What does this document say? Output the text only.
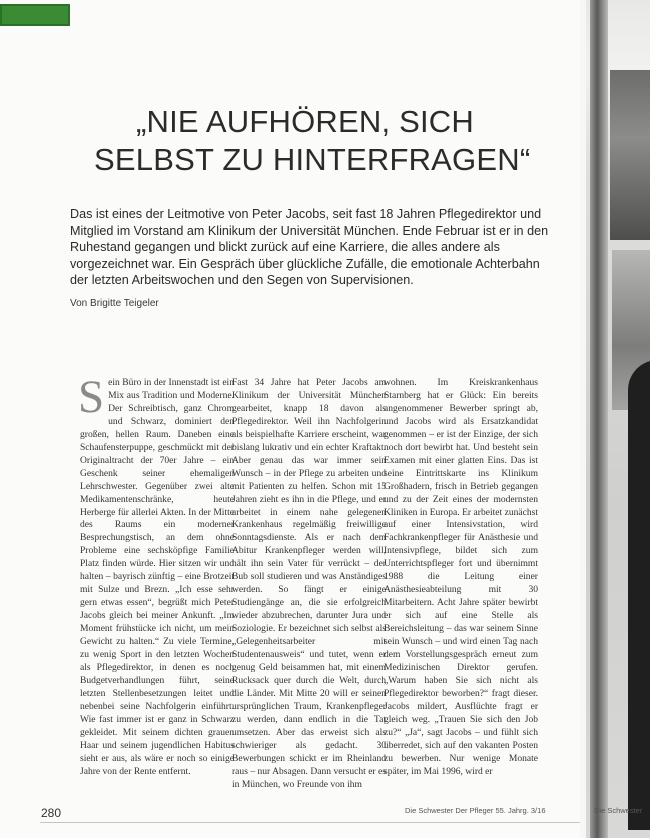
„NIE AUFHÖREN, SICH
SELBST ZU HINTERFRAGEN“

Das ist eines der Leitmotive von Peter Jacobs, seit fast 18 Jahren Pflegedirektor und Mitglied im Vorstand am Klinikum der Universität München. Ende Februar ist er in den Ruhestand gegangen und blickt zurück auf eine Karriere, die alles andere als vorgezeichnet war. Ein Gespräch über glückliche Zufälle, die emotionale Achterbahn der letzten Arbeitswochen und den Segen von Supervisionen.

Von Brigitte Teigeler

Sein Büro in der Innenstadt ist ein Mix aus Tradition und Moderne. Der Schreibtisch, ganz Chrom und Schwarz, dominiert den großen, hellen Raum. Daneben eine Schaufensterpuppe, geschmückt mit der Originaltracht der 70er Jahre – ein Geschenk seiner ehemaligen Lehrschwester. Gegenüber zwei alte Medikamentenschränke, heute Herberge für allerlei Akten. In der Mitte des Raums ein moderner Besprechungstisch, an dem ohne Probleme eine sechsköpfige Familie Platz finden würde. Hier sitzen wir und halten – bayrisch zünftig – eine Brotzeit mit Sulze und Brezn. „Ich esse sehr gern etwas essen“, begrüßt mich Peter Jacobs gleich bei meiner Ankunft. „Im Moment frühstücke ich nicht, um mein Gewicht zu halten.“ Zu viele Termine, zu wenig Sport in den letzten Wochen als Pflegedirektor, in denen es noch Budgetverhandlungen führt, seine letzten Stellenbesetzungen leitet und nebenbei seine Nachfolgerin einführt. Wie fast immer ist er ganz in Schwarz gekleidet. Mit seinem dichten grauen Haar und seinem jugendlichen Habitus sieht er aus, als wäre er noch so einige Jahre von der Rente entfernt.

Fast 34 Jahre hat Peter Jacobs am Klinikum der Universität München gearbeitet, knapp 18 davon als Pflegedirektor. Weil ihn Nachfolgerin als beispielhafte Karriere erscheint, war bislang lukrativ und ein echter Kraftakt. Aber genau das war immer sein Wunsch – in der Pflege zu arbeiten und mit Patienten zu helfen. Schon mit 15 Jahren zieht es ihn in die Pflege, und er arbeitet in einem nahe gelegenen Krankenhaus regelmäßig freiwillige Sonntagsdienste. Als er nach dem Abitur Krankenpfleger werden will, hält ihn sein Vater für verrückt – der Bub soll studieren und was Anständiges werden. So fängt er einige Studiengänge an, die sie erfolgreich wieder abzubrechen, darunter Jura und Soziologie. Er bezeichnet sich selbst als „Gelegenheitsarbeiter mit Studentenausweis“ und tutet, wenn er genug Geld beisammen hat, mit einem Rucksack quer durch die Welt, durch die Länder. Mit Mitte 20 will er seinen ursprünglichen Traum, Krankenpfleger zu werden, dann endlich in die Tat umsetzen. Aber das erweist sich als schwieriger als gedacht. 30 Bewerbungen schickt er im Rheinland raus – nur Absagen. Dann versucht er es in München, wo Freunde von ihm

wohnen. Im Kreiskrankenhaus Starnberg hat er Glück: Ein bereits angenommener Bewerber springt ab, und Jacobs wird als Ersatzkandidat genommen – er ist der Einzige, der sich noch dort bewirbt hat. Und besteht sein Examen mit einer glatten Eins. Das ist seine Eintrittskarte ins Klinikum Großhadern, frisch in Betrieb gegangen und zu der Zeit eines der modernsten Kliniken in Europa. Er arbeitet zunächst auf einer Intensivstation, wird Fachkrankenpfleger für Anästhesie und Intensivpflege, bildet sich zum Unterrichtspfleger fort und übernimmt 1988 die Leitung einer Anästhesieabteilung mit 30 Mitarbeitern. Acht Jahre später bewirbt er sich auf eine Stelle als Bereichsleitung – das war seinem Sinne sein Wunsch – und wird einen Tag nach dem Vorstellungsgespräch erneut zum Medizinischen Direktor gerufen. „Warum haben Sie sich nicht als Pflegedirektor beworben?“ fragt dieser. Jacobs mildert, Ausflüchte fragt er gleich weg. „Trauen Sie sich den Job zu?“ „Ja“, sagt Jacobs – und fühlt sich überredet, sich auf den vakanten Posten zu bewerben. Nur wenige Monate später, im Mai 1996, wird er

280	Die Schwester Der Pfleger 55. Jahrg. 3/16	Die Schwester
